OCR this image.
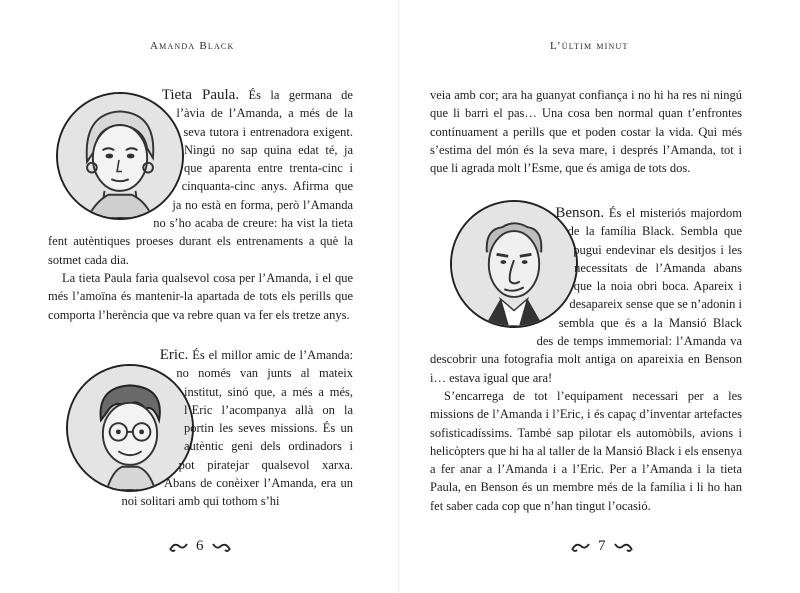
Amanda Black

Tieta Paula. És la germana de l’àvia de l’Amanda, a més de la seva tutora i entrenadora exigent. Ningú no sap quina edat té, ja que aparenta entre trenta-cinc i cinquanta-cinc anys. Afirma que ja no està en forma, però l’Amanda no s’ho acaba de creure: ha vist la tieta fent autèntiques proeses durant els entrenaments a què la sotmet cada dia.

La tieta Paula faria qualsevol cosa per l’Amanda, i el que més l’amoïna és mantenir-la apartada de tots els perills que comporta l’herència que va rebre quan va fer els tretze anys.

Eric. És el millor amic de l’Amanda: no només van junts al mateix institut, sinó que, a més a més, l’Eric l’acompanya allà on la portin les seves missions. És un autèntic geni dels ordinadors i pot piratejar qualsevol xarxa. Abans de conèixer l’Amanda, era un noi solitari amb qui tothom s’hi

6
L’últim minut
veia amb cor; ara ha guanyat confiança i no hi ha res ni ningú que li barri el pas… Una cosa ben normal quan t’enfrontes contínuament a perills que et poden costar la vida. Qui més s’estima del món és la seva mare, i després l’Amanda, tot i que li agrada molt l’Esme, que és amiga de tots dos.

Benson. És el misteriós majordom de la família Black. Sembla que pugui endevinar els desitjos i les necessitats de l’Amanda abans que la noia obri boca. Apareix i desapareix sense que se n’adonin i sembla que és a la Mansió Black des de temps immemorial: l’Amanda va descobrir una fotografia molt antiga on apareixia en Benson i… estava igual que ara!

S’encarrega de tot l’equipament necessari per a les missions de l’Amanda i l’Eric, i és capaç d’inventar artefactes sofisticadíssims. També sap pilotar els automòbils, avions i helicòpters que hi ha al taller de la Mansió Black i els ensenya a fer anar a l’Amanda i a l’Eric. Per a l’Amanda i la tieta Paula, en Benson és un membre més de la família i li ho han fet saber cada cop que n’han tingut l’ocasió.

7
